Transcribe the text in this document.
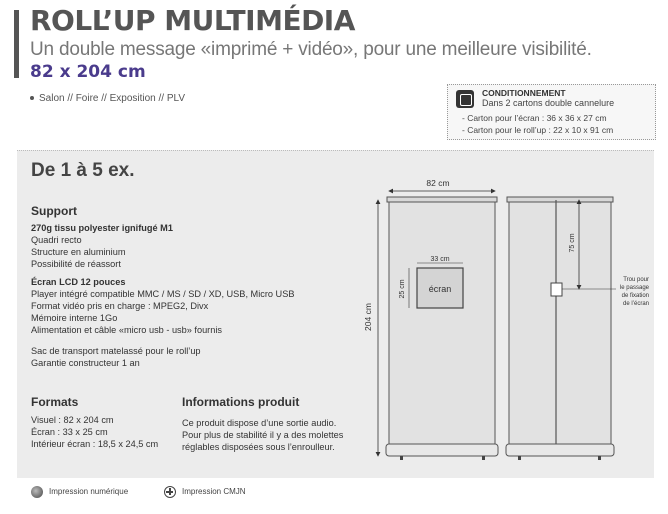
ROLL’UP MULTIMÉDIA
Un double message «imprimé + vidéo», pour une meilleure visibilité.
82 x 204 cm
Salon // Foire // Exposition // PLV	CONDITIONNEMENT
Dans 2 cartons double cannelure
- Carton pour l’écran : 36 x 36 x 27 cm
- Carton pour le roll’up : 22 x 10 x 91 cm
De 1 à 5 ex.
Support
270g tissu polyester ignifugé M1
Quadri recto
Structure en aluminium
Possibilité de réassort
Écran LCD 12 pouces
Player intégré compatible MMC / MS / SD / XD, USB, Micro USB
Format vidéo pris en charge : MPEG2, Divx
Mémoire interne 1Go
Alimentation et câble «micro usb - usb» fournis
Sac de transport matelassé pour le roll’up
Garantie constructeur 1 an
Formats
Visuel : 82 x 204 cm
Écran : 33 x 25 cm
Intérieur écran : 18,5 x 24,5 cm
Informations produit
Ce produit dispose d’une sortie audio.
Pour plus de stabilité il y a des molettes
réglables disposées sous l’enroulleur.
82 cm
33 cm
25 cm	écran
204 cm
75 cm
Trou pour
le passage
de fixation
de l’écran
Impression numérique	Impression CMJN
